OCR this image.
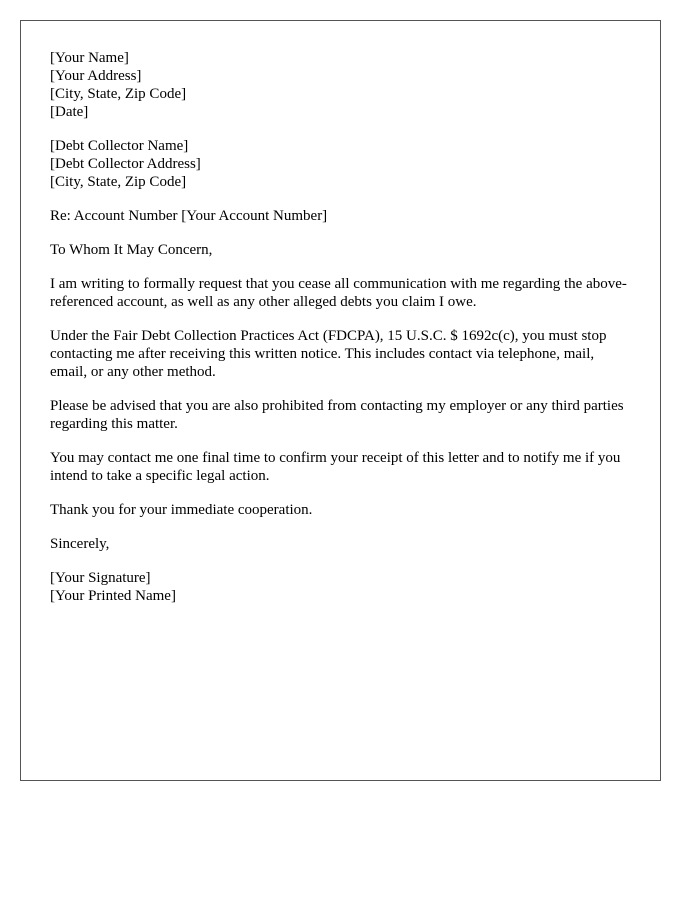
[Your Name]
[Your Address]
[City, State, Zip Code]
[Date]

[Debt Collector Name]
[Debt Collector Address]
[City, State, Zip Code]

Re: Account Number [Your Account Number]

To Whom It May Concern,

I am writing to formally request that you cease all communication with me regarding the above-referenced account, as well as any other alleged debts you claim I owe.

Under the Fair Debt Collection Practices Act (FDCPA), 15 U.S.C. $ 1692c(c), you must stop contacting me after receiving this written notice. This includes contact via telephone, mail, email, or any other method.

Please be advised that you are also prohibited from contacting my employer or any third parties regarding this matter.

You may contact me one final time to confirm your receipt of this letter and to notify me if you intend to take a specific legal action.

Thank you for your immediate cooperation.

Sincerely,

[Your Signature]
[Your Printed Name]
